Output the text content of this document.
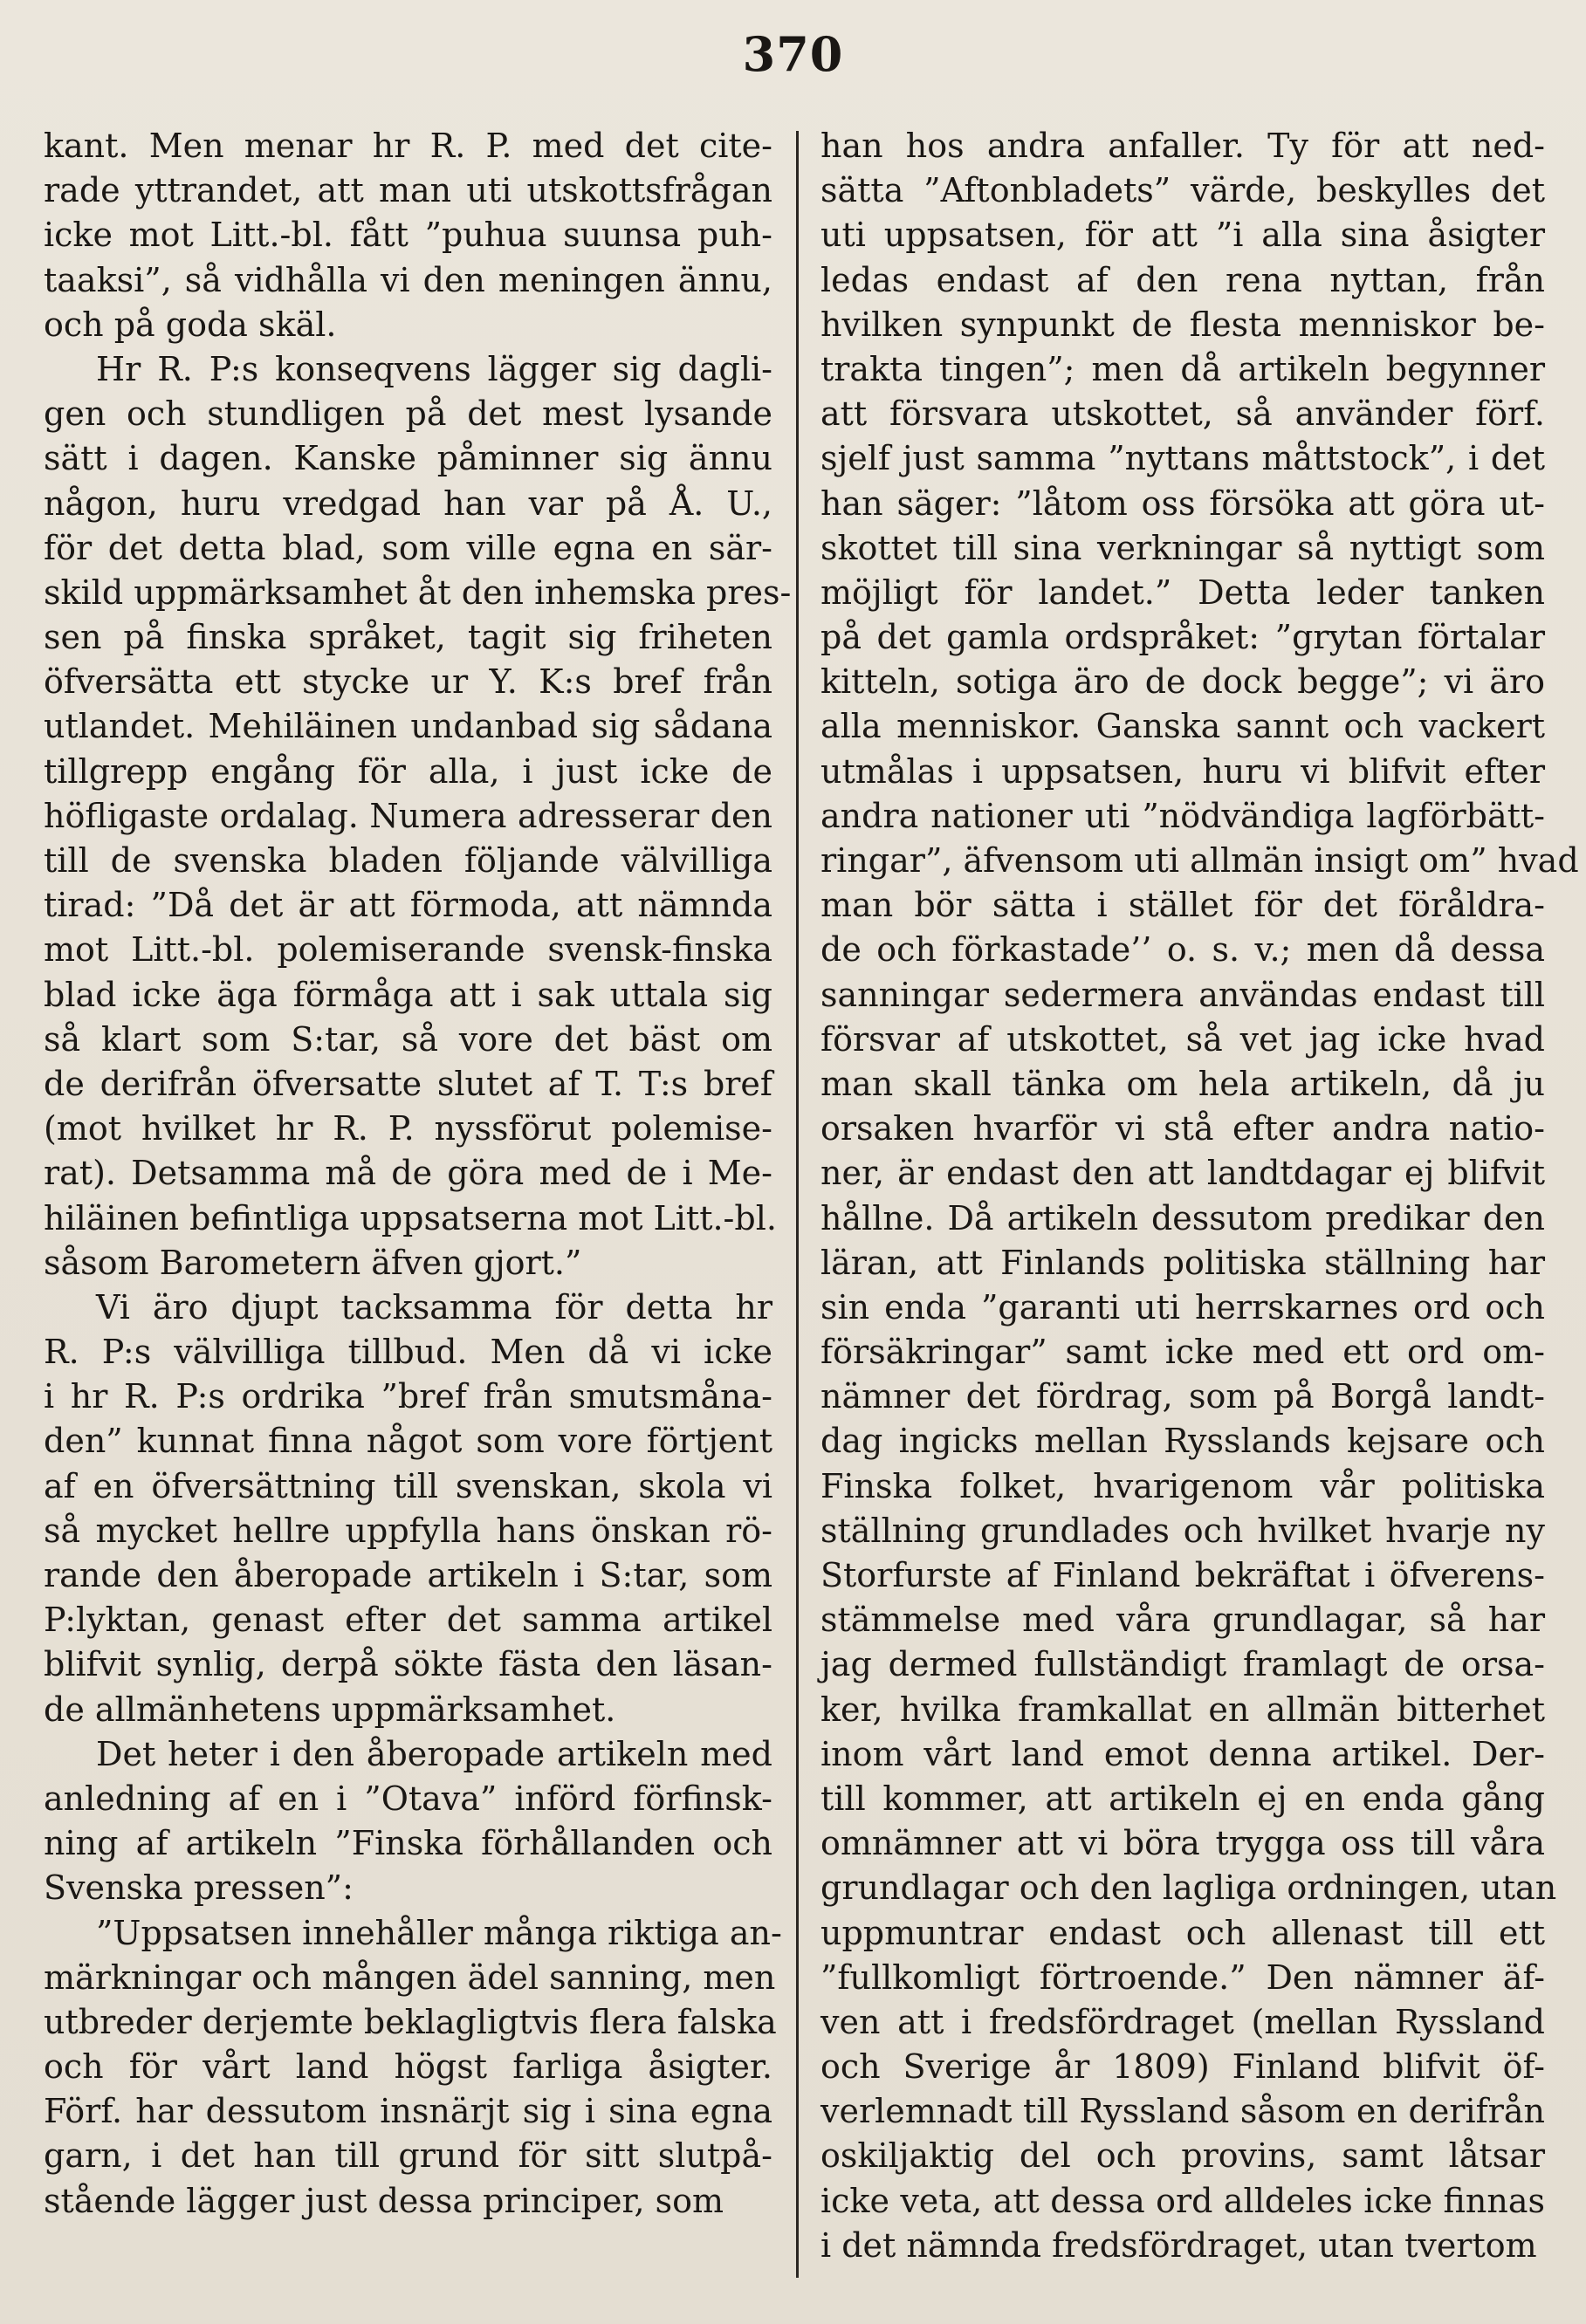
370
kant. Men menar hr R. P. med det cite-
rade yttrandet, att man uti utskottsfrågan
icke mot Litt.-bl. fått ”puhua suunsa puh-
taaksi”, så vidhålla vi den meningen ännu,
och på goda skäl.
Hr R. P:s konseqvens lägger sig dagli-
gen och stundligen på det mest lysande
sätt i dagen. Kanske påminner sig ännu
någon, huru vredgad han var på Å. U.,
för det detta blad, som ville egna en sär-
skild uppmärksamhet åt den inhemska pres-
sen på finska språket, tagit sig friheten
öfversätta ett stycke ur Y. K:s bref från
utlandet. Mehiläinen undanbad sig sådana
tillgrepp engång för alla, i just icke de
höfligaste ordalag. Numera adresserar den
till de svenska bladen följande välvilliga
tirad: ”Då det är att förmoda, att nämnda
mot Litt.-bl. polemiserande svensk-finska
blad icke äga förmåga att i sak uttala sig
så klart som S:tar, så vore det bäst om
de derifrån öfversatte slutet af T. T:s bref
(mot hvilket hr R. P. nyssförut polemise-
rat). Detsamma må de göra med de i Me-
hiläinen befintliga uppsatserna mot Litt.-bl.
såsom Barometern äfven gjort.”
Vi äro djupt tacksamma för detta hr
R. P:s välvilliga tillbud. Men då vi icke
i hr R. P:s ordrika ”bref från smutsmåna-
den” kunnat finna något som vore förtjent
af en öfversättning till svenskan, skola vi
så mycket hellre uppfylla hans önskan rö-
rande den åberopade artikeln i S:tar, som
P:lyktan, genast efter det samma artikel
blifvit synlig, derpå sökte fästa den läsan-
de allmänhetens uppmärksamhet.
Det heter i den åberopade artikeln med
anledning af en i ”Otava” införd förfinsk-
ning af artikeln ”Finska förhållanden och
Svenska pressen”:
”Uppsatsen innehåller många riktiga an-
märkningar och mången ädel sanning, men
utbreder derjemte beklagligtvis flera falska
och för vårt land högst farliga åsigter.
Förf. har dessutom insnärjt sig i sina egna
garn, i det han till grund för sitt slutpå-
stående lägger just dessa principer, som
han hos andra anfaller. Ty för att ned-
sätta ”Aftonbladets” värde, beskylles det
uti uppsatsen, för att ”i alla sina åsigter
ledas endast af den rena nyttan, från
hvilken synpunkt de flesta menniskor be-
trakta tingen”; men då artikeln begynner
att försvara utskottet, så använder förf.
sjelf just samma ”nyttans måttstock”, i det
han säger: ”låtom oss försöka att göra ut-
skottet till sina verkningar så nyttigt som
möjligt för landet.” Detta leder tanken
på det gamla ordspråket: ”grytan förtalar
kitteln, sotiga äro de dock begge”; vi äro
alla menniskor. Ganska sannt och vackert
utmålas i uppsatsen, huru vi blifvit efter
andra nationer uti ”nödvändiga lagförbätt-
ringar”, äfvensom uti allmän insigt om” hvad
man bör sätta i stället för det föråldra-
de och förkastade’’ o. s. v.; men då dessa
sanningar sedermera användas endast till
försvar af utskottet, så vet jag icke hvad
man skall tänka om hela artikeln, då ju
orsaken hvarför vi stå efter andra natio-
ner, är endast den att landtdagar ej blifvit
hållne. Då artikeln dessutom predikar den
läran, att Finlands politiska ställning har
sin enda ”garanti uti herrskarnes ord och
försäkringar” samt icke med ett ord om-
nämner det fördrag, som på Borgå landt-
dag ingicks mellan Rysslands kejsare och
Finska folket, hvarigenom vår politiska
ställning grundlades och hvilket hvarje ny
Storfurste af Finland bekräftat i öfverens-
stämmelse med våra grundlagar, så har
jag dermed fullständigt framlagt de orsa-
ker, hvilka framkallat en allmän bitterhet
inom vårt land emot denna artikel. Der-
till kommer, att artikeln ej en enda gång
omnämner att vi böra trygga oss till våra
grundlagar och den lagliga ordningen, utan
uppmuntrar endast och allenast till ett
”fullkomligt förtroende.” Den nämner äf-
ven att i fredsfördraget (mellan Ryssland
och Sverige år 1809) Finland blifvit öf-
verlemnadt till Ryssland såsom en derifrån
oskiljaktig del och provins, samt låtsar
icke veta, att dessa ord alldeles icke finnas
i det nämnda fredsfördraget, utan tvertom
